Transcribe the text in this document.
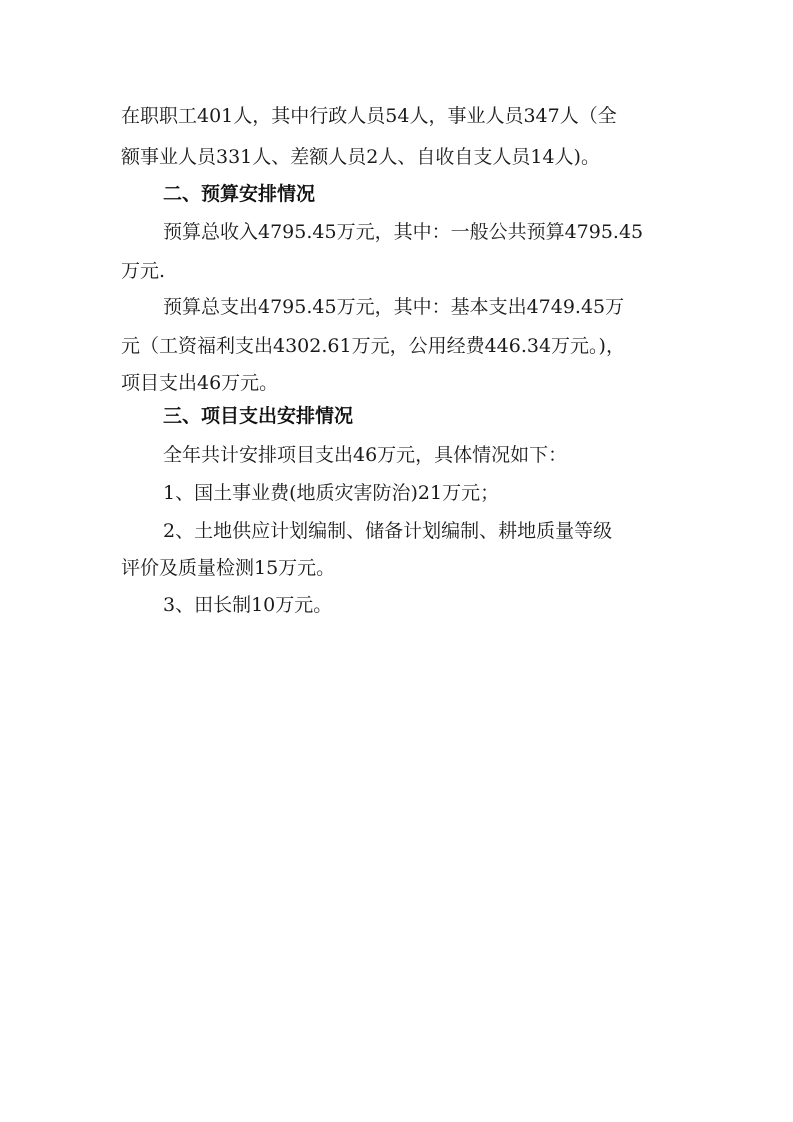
在职职工401人，其中行政人员54人，事业人员347人（全
额事业人员331人、差额人员2人、自收自支人员14人)。
二、预算安排情况
预算总收入4795.45万元，其中：一般公共预算4795.45
万元.
预算总支出4795.45万元，其中：基本支出4749.45万
元（工资福利支出4302.61万元，公用经费446.34万元。)，
项目支出46万元。
三、项目支出安排情况
全年共计安排项目支出46万元，具体情况如下：
1、国土事业费(地质灾害防治)21万元；
2、土地供应计划编制、储备计划编制、耕地质量等级
评价及质量检测15万元。
3、田长制10万元。
